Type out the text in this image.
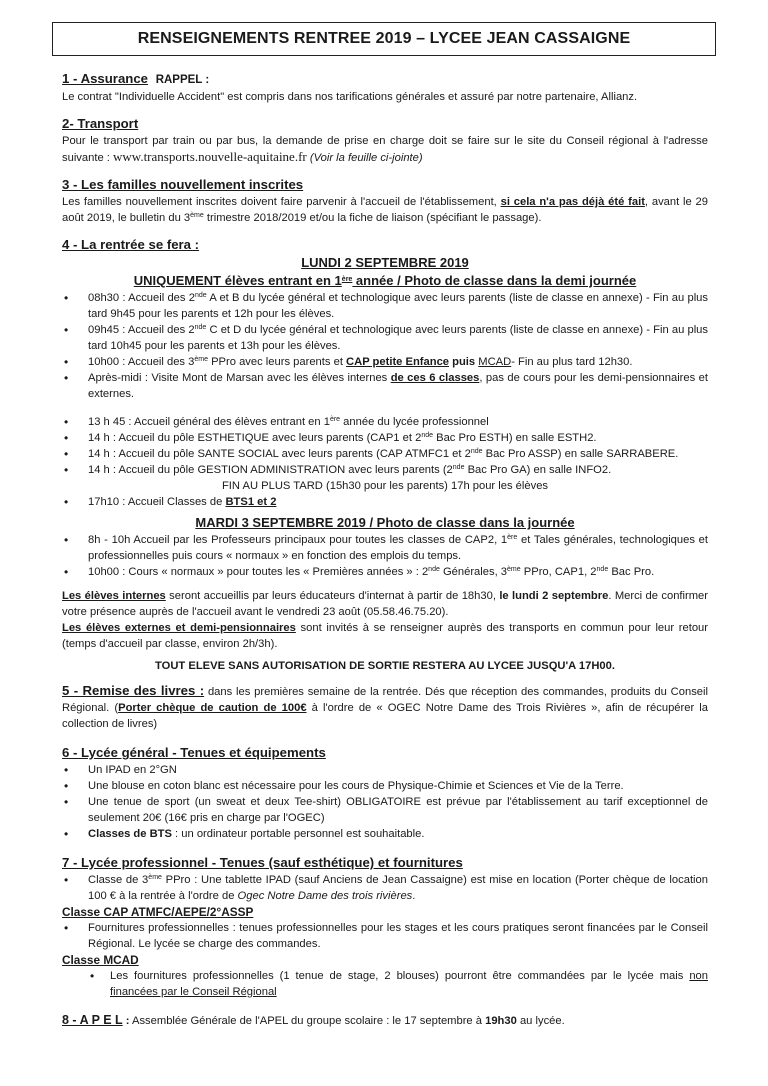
RENSEIGNEMENTS RENTREE 2019 – LYCEE JEAN CASSAIGNE
1 - Assurance RAPPEL :

Le contrat "Individuelle Accident" est compris dans nos tarifications générales et assuré par notre partenaire, Allianz.

2- Transport

Pour le transport par train ou par bus, la demande de prise en charge doit se faire sur le site du Conseil régional à l'adresse suivante : www.transports.nouvelle-aquitaine.fr (Voir la feuille ci-jointe)

3 - Les familles nouvellement inscrites

Les familles nouvellement inscrites doivent faire parvenir à l'accueil de l'établissement, si cela n'a pas déjà été fait, avant le 29 août 2019, le bulletin du 3ème trimestre 2018/2019 et/ou la fiche de liaison (spécifiant le passage).

4 - La rentrée se fera :
LUNDI 2 SEPTEMBRE 2019
UNIQUEMENT élèves entrant en 1ère année / Photo de classe dans la demi journée
• 08h30 : Accueil des 2nde A et B du lycée général et technologique avec leurs parents (liste de classe en annexe) - Fin au plus tard 9h45 pour les parents et 12h pour les élèves.
• 09h45 : Accueil des 2nde C et D du lycée général et technologique avec leurs parents (liste de classe en annexe) - Fin au plus tard 10h45 pour les parents et 13h pour les élèves.
• 10h00 : Accueil des 3ème PPro avec leurs parents et CAP petite Enfance puis MCAD- Fin au plus tard 12h30.
• Après-midi : Visite Mont de Marsan avec les élèves internes de ces 6 classes, pas de cours pour les demi-pensionnaires et externes.
• 13 h 45 : Accueil général des élèves entrant en 1ère année du lycée professionnel
• 14 h : Accueil du pôle ESTHETIQUE avec leurs parents (CAP1 et 2nde Bac Pro ESTH) en salle ESTH2.
• 14 h : Accueil du pôle SANTE SOCIAL avec leurs parents (CAP ATMFC1 et 2nde Bac Pro ASSP) en salle SARRABERE.
• 14 h : Accueil du pôle GESTION ADMINISTRATION avec leurs parents (2nde Bac Pro GA) en salle INFO2.

FIN AU PLUS TARD (15h30 pour les parents) 17h pour les élèves

• 17h10 : Accueil Classes de BTS1 et 2
MARDI 3 SEPTEMBRE 2019 / Photo de classe dans la journée
• 8h - 10h Accueil par les Professeurs principaux pour toutes les classes de CAP2, 1ère et Tales générales, technologiques et professionnelles puis cours « normaux » en fonction des emplois du temps.
• 10h00 : Cours « normaux » pour toutes les « Premières années » : 2nde Générales, 3ème PPro, CAP1, 2nde Bac Pro.

Les élèves internes seront accueillis par leurs éducateurs d'internat à partir de 18h30, le lundi 2 septembre. Merci de confirmer votre présence auprès de l'accueil avant le vendredi 23 août (05.58.46.75.20).

Les élèves externes et demi-pensionnaires sont invités à se renseigner auprès des transports en commun pour leur retour (temps d'accueil par classe, environ 2h/3h).

TOUT ELEVE SANS AUTORISATION DE SORTIE RESTERA AU LYCEE JUSQU'A 17H00.

5 - Remise des livres : dans les premières semaine de la rentrée. Dés que réception des commandes, produits du Conseil Régional. (Porter chèque de caution de 100€ à l'ordre de « OGEC Notre Dame des Trois Rivières », afin de récupérer la collection de livres)

6 - Lycée général - Tenues et équipements
• Un IPAD en 2°GN
• Une blouse en coton blanc est nécessaire pour les cours de Physique-Chimie et Sciences et Vie de la Terre.
• Une tenue de sport (un sweat et deux Tee-shirt) OBLIGATOIRE est prévue par l'établissement au tarif exceptionnel de seulement 20€ (16€ pris en charge par l'OGEC)
• Classes de BTS : un ordinateur portable personnel est souhaitable.
7 - Lycée professionnel - Tenues (sauf esthétique) et fournitures
• Classe de 3ème PPro : Une tablette IPAD (sauf Anciens de Jean Cassaigne) est mise en location (Porter chèque de location 100 € à la rentrée à l'ordre de Ogec Notre Dame des trois rivières.
Classe CAP ATMFC/AEPE/2°ASSP
• Fournitures professionnelles : tenues professionnelles pour les stages et les cours pratiques seront financées par le Conseil Régional. Le lycée se charge des commandes.
Classe MCAD
• Les fournitures professionnelles (1 tenue de stage, 2 blouses) pourront être commandées par le lycée mais non financées par le Conseil Régional

8 - A P E L : Assemblée Générale de l'APEL du groupe scolaire : le 17 septembre à 19h30 au lycée.
